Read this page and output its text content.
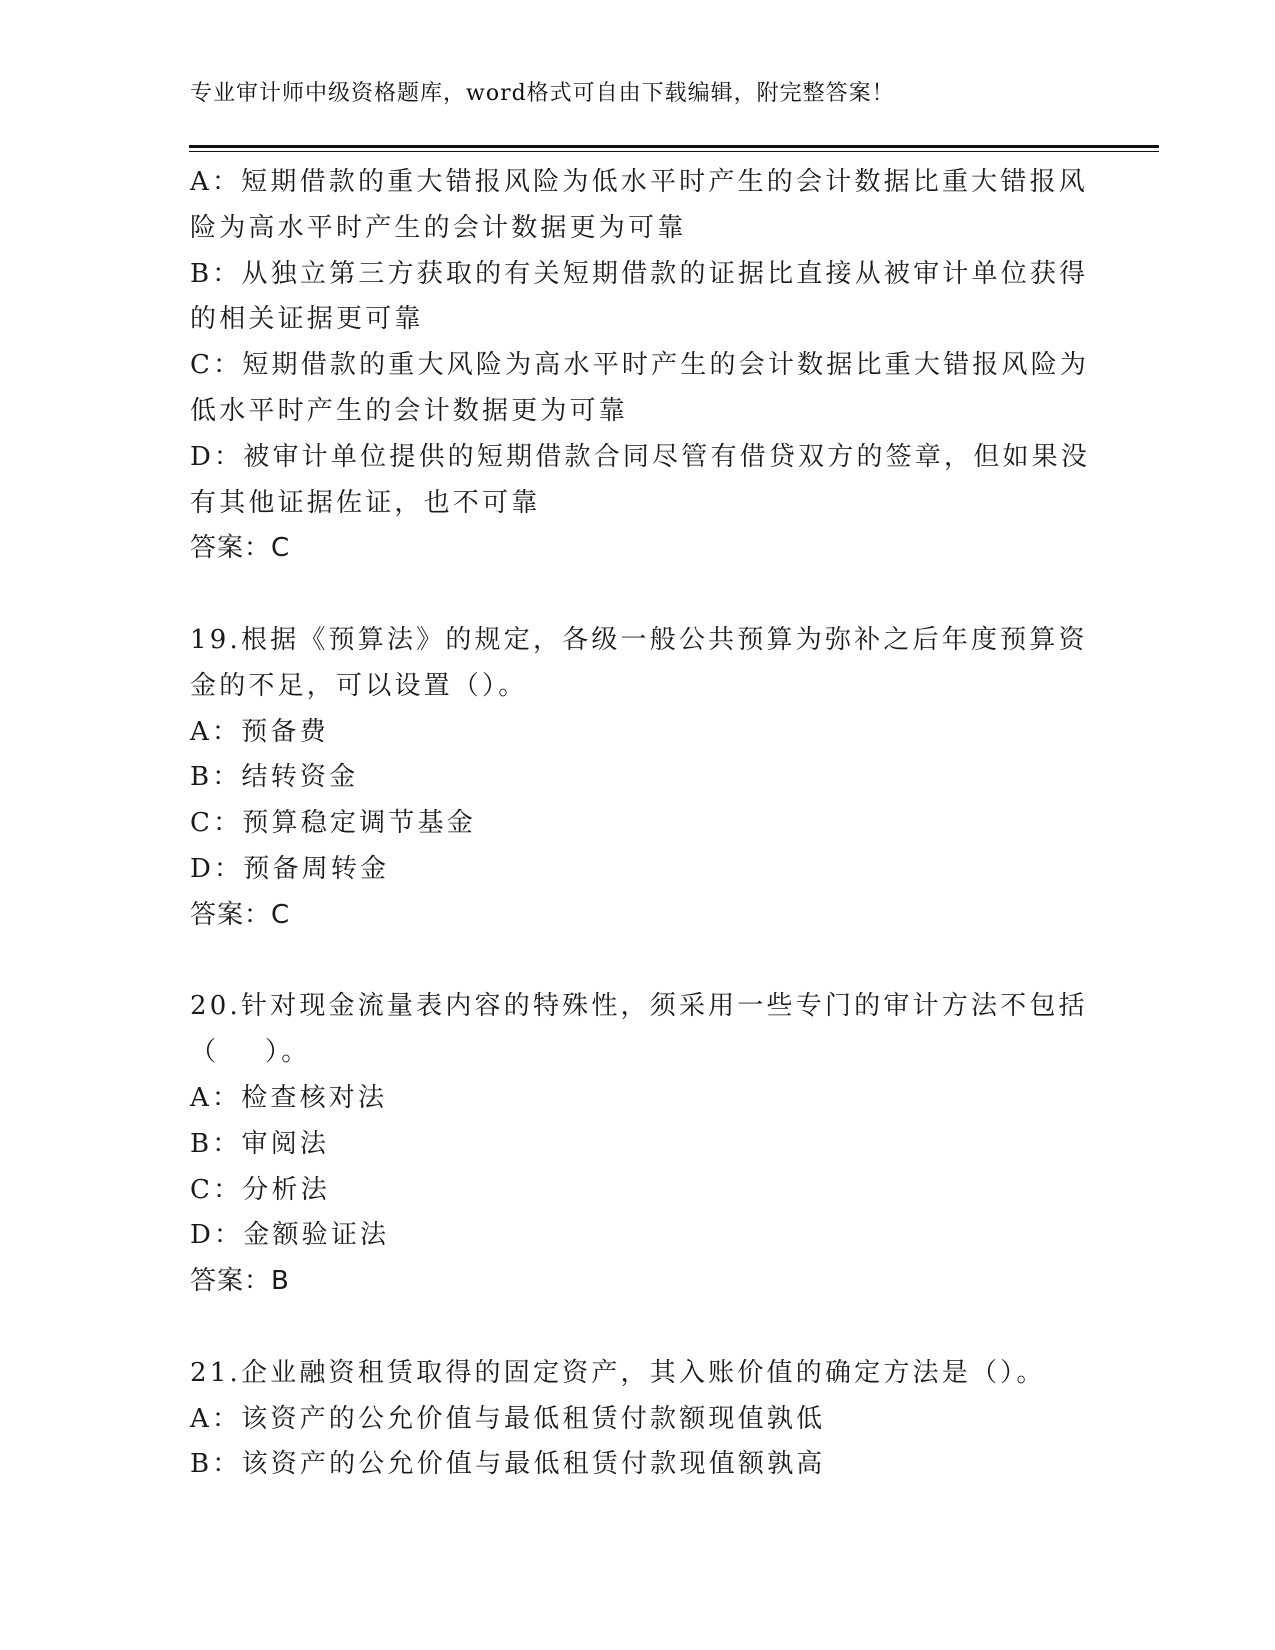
专业审计师中级资格题库，word格式可自由下载编辑，附完整答案！
A：短期借款的重大错报风险为低水平时产生的会计数据比重大错报风
险为高水平时产生的会计数据更为可靠
B：从独立第三方获取的有关短期借款的证据比直接从被审计单位获得
的相关证据更可靠
C：短期借款的重大风险为高水平时产生的会计数据比重大错报风险为
低水平时产生的会计数据更为可靠
D：被审计单位提供的短期借款合同尽管有借贷双方的签章，但如果没
有其他证据佐证，也不可靠
答案：C
19.根据《预算法》的规定，各级一般公共预算为弥补之后年度预算资
金的不足，可以设置（）。
A：预备费
B：结转资金
C：预算稳定调节基金
D：预备周转金
答案：C
20.针对现金流量表内容的特殊性，须采用一些专门的审计方法不包括
（    ）。
A：检查核对法
B：审阅法
C：分析法
D：金额验证法
答案：B
21.企业融资租赁取得的固定资产，其入账价值的确定方法是（）。
A：该资产的公允价值与最低租赁付款额现值孰低
B：该资产的公允价值与最低租赁付款现值额孰高
